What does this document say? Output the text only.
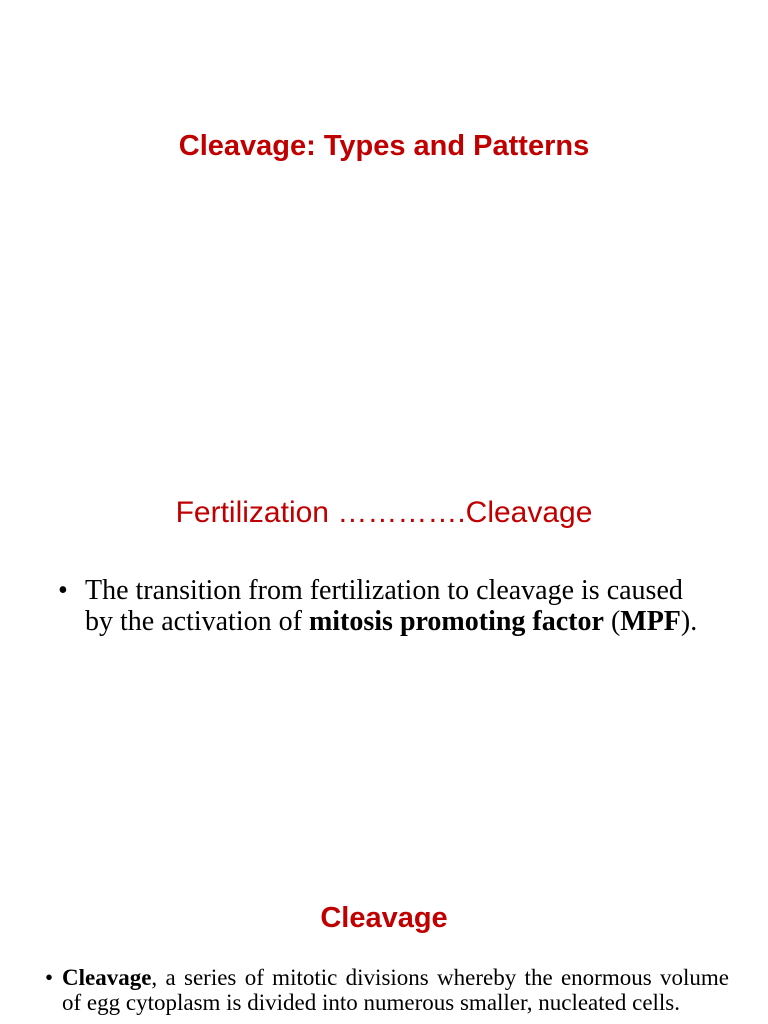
Cleavage: Types and Patterns
Fertilization ………….Cleavage
• The transition from fertilization to cleavage is caused by the activation of mitosis promoting factor (MPF).
Cleavage
• Cleavage, a series of mitotic divisions whereby the enormous volume of egg cytoplasm is divided into numerous smaller, nucleated cells.
